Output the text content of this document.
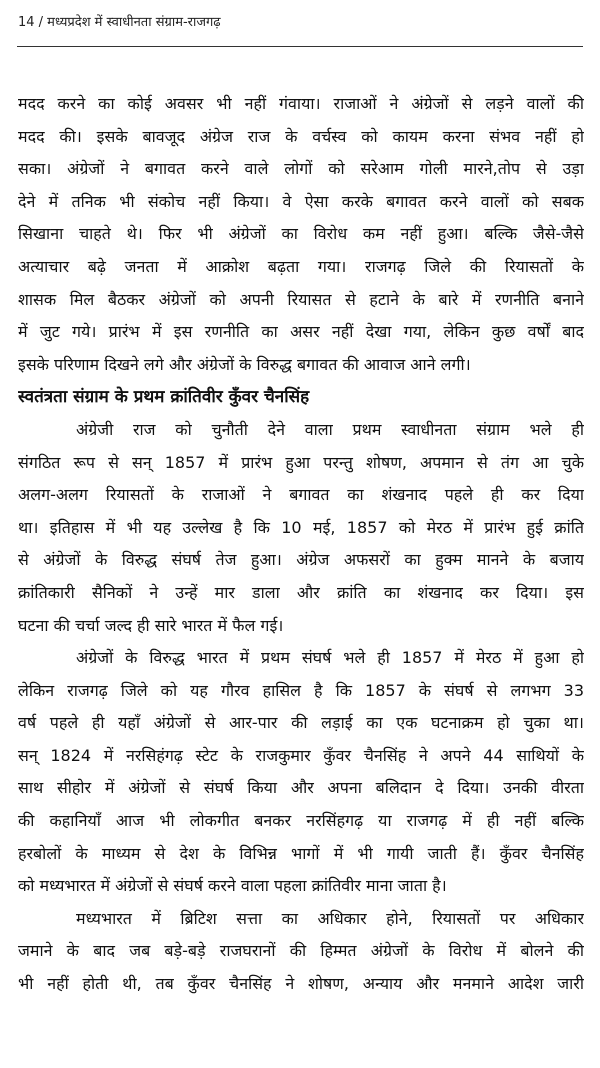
14 / मध्यप्रदेश में स्वाधीनता संग्राम-राजगढ़
मदद करने का कोई अवसर भी नहीं गंवाया। राजाओं ने अंग्रेजों से लड़ने वालों की
मदद की। इसके बावजूद अंग्रेज राज के वर्चस्व को कायम करना संभव नहीं हो
सका। अंग्रेजों ने बगावत करने वाले लोगों को सरेआम गोली मारने,तोप से उड़ा
देने में तनिक भी संकोच नहीं किया। वे ऐसा करके बगावत करने वालों को सबक
सिखाना चाहते थे। फिर भी अंग्रेजों का विरोध कम नहीं हुआ। बल्कि जैसे-जैसे
अत्याचार बढ़े जनता में आक्रोश बढ़ता गया। राजगढ़ जिले की रियासतों के
शासक मिल बैठकर अंग्रेजों को अपनी रियासत से हटाने के बारे में रणनीति बनाने
में जुट गये। प्रारंभ में इस रणनीति का असर नहीं देखा गया, लेकिन कुछ वर्षों बाद
इसके परिणाम दिखने लगे और अंग्रेजों के विरुद्ध बगावत की आवाज आने लगी।
स्वतंत्रता संग्राम के प्रथम क्रांतिवीर कुँवर चैनसिंह
अंग्रेजी राज को चुनौती देने वाला प्रथम स्वाधीनता संग्राम भले ही
संगठित रूप से सन् 1857 में प्रारंभ हुआ परन्तु शोषण, अपमान से तंग आ चुके
अलग-अलग रियासतों के राजाओं ने बगावत का शंखनाद पहले ही कर दिया
था। इतिहास में भी यह उल्लेख है कि 10 मई, 1857 को मेरठ में प्रारंभ हुई क्रांति
से अंग्रेजों के विरुद्ध संघर्ष तेज हुआ। अंग्रेज अफसरों का हुक्म मानने के बजाय
क्रांतिकारी सैनिकों ने उन्हें मार डाला और क्रांति का शंखनाद कर दिया। इस
घटना की चर्चा जल्द ही सारे भारत में फैल गई।
अंग्रेजों के विरुद्ध भारत में प्रथम संघर्ष भले ही 1857 में मेरठ में हुआ हो
लेकिन राजगढ़ जिले को यह गौरव हासिल है कि 1857 के संघर्ष से लगभग 33
वर्ष पहले ही यहाँ अंग्रेजों से आर-पार की लड़ाई का एक घटनाक्रम हो चुका था।
सन् 1824 में नरसिहंगढ़ स्टेट के राजकुमार कुँवर चैनसिंह ने अपने 44 साथियों के
साथ सीहोर में अंग्रेजों से संघर्ष किया और अपना बलिदान दे दिया। उनकी वीरता
की कहानियाँ आज भी लोकगीत बनकर नरसिंहगढ़ या राजगढ़ में ही नहीं बल्कि
हरबोलों के माध्यम से देश के विभिन्न भागों में भी गायी जाती हैं। कुँवर चैनसिंह
को मध्यभारत में अंग्रेजों से संघर्ष करने वाला पहला क्रांतिवीर माना जाता है।
मध्यभारत में ब्रिटिश सत्ता का अधिकार होने, रियासतों पर अधिकार
जमाने के बाद जब बड़े-बड़े राजघरानों की हिम्मत अंग्रेजों के विरोध में बोलने की
भी नहीं होती थी, तब कुँवर चैनसिंह ने शोषण, अन्याय और मनमाने आदेश जारी
